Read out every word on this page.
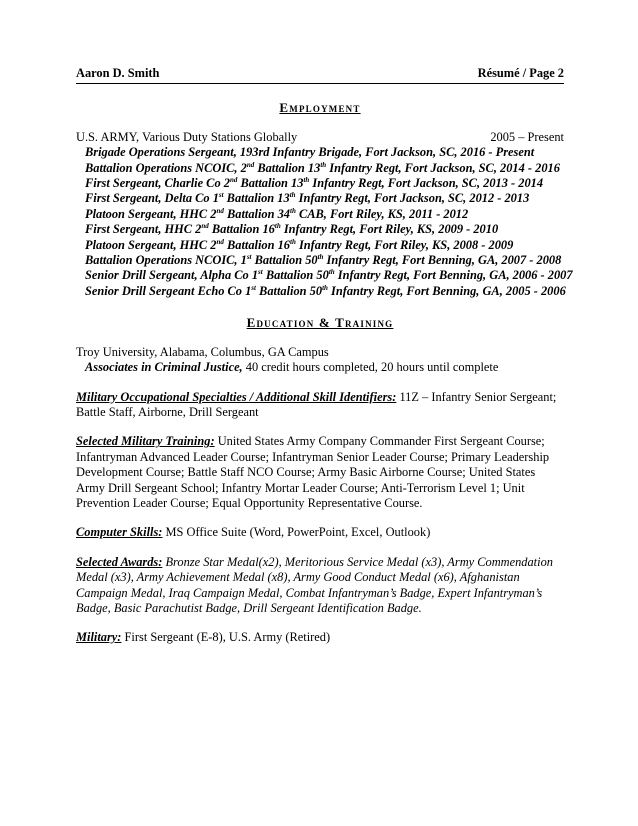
Aaron D. Smith	Résumé / Page 2
Employment
U.S. ARMY, Various Duty Stations Globally	2005 – Present
Brigade Operations Sergeant, 193rd Infantry Brigade, Fort Jackson, SC, 2016 - Present
Battalion Operations NCOIC, 2nd Battalion 13th Infantry Regt, Fort Jackson, SC, 2014 - 2016
First Sergeant, Charlie Co 2nd Battalion 13th Infantry Regt, Fort Jackson, SC, 2013 - 2014
First Sergeant, Delta Co 1st Battalion 13th Infantry Regt, Fort Jackson, SC, 2012 - 2013
Platoon Sergeant, HHC 2nd Battalion 34th CAB, Fort Riley, KS, 2011 - 2012
First Sergeant, HHC 2nd Battalion 16th Infantry Regt, Fort Riley, KS, 2009 - 2010
Platoon Sergeant, HHC 2nd Battalion 16th Infantry Regt, Fort Riley, KS, 2008 - 2009
Battalion Operations NCOIC, 1st Battalion 50th Infantry Regt, Fort Benning, GA, 2007 - 2008
Senior Drill Sergeant, Alpha Co 1st Battalion 50th Infantry Regt, Fort Benning, GA, 2006 - 2007
Senior Drill Sergeant Echo Co 1st Battalion 50th Infantry Regt, Fort Benning, GA, 2005 - 2006
Education & Training
Troy University, Alabama, Columbus, GA Campus
Associates in Criminal Justice, 40 credit hours completed, 20 hours until complete
Military Occupational Specialties / Additional Skill Identifiers: 11Z – Infantry Senior Sergeant; Battle Staff, Airborne, Drill Sergeant
Selected Military Training: United States Army Company Commander First Sergeant Course; Infantryman Advanced Leader Course; Infantryman Senior Leader Course; Primary Leadership Development Course; Battle Staff NCO Course; Army Basic Airborne Course; United States Army Drill Sergeant School; Infantry Mortar Leader Course; Anti-Terrorism Level 1; Unit Prevention Leader Course; Equal Opportunity Representative Course.
Computer Skills: MS Office Suite (Word, PowerPoint, Excel, Outlook)
Selected Awards: Bronze Star Medal(x2), Meritorious Service Medal (x3), Army Commendation Medal (x3), Army Achievement Medal (x8), Army Good Conduct Medal (x6), Afghanistan Campaign Medal, Iraq Campaign Medal, Combat Infantryman’s Badge, Expert Infantryman’s Badge, Basic Parachutist Badge, Drill Sergeant Identification Badge.
Military: First Sergeant (E-8), U.S. Army (Retired)
